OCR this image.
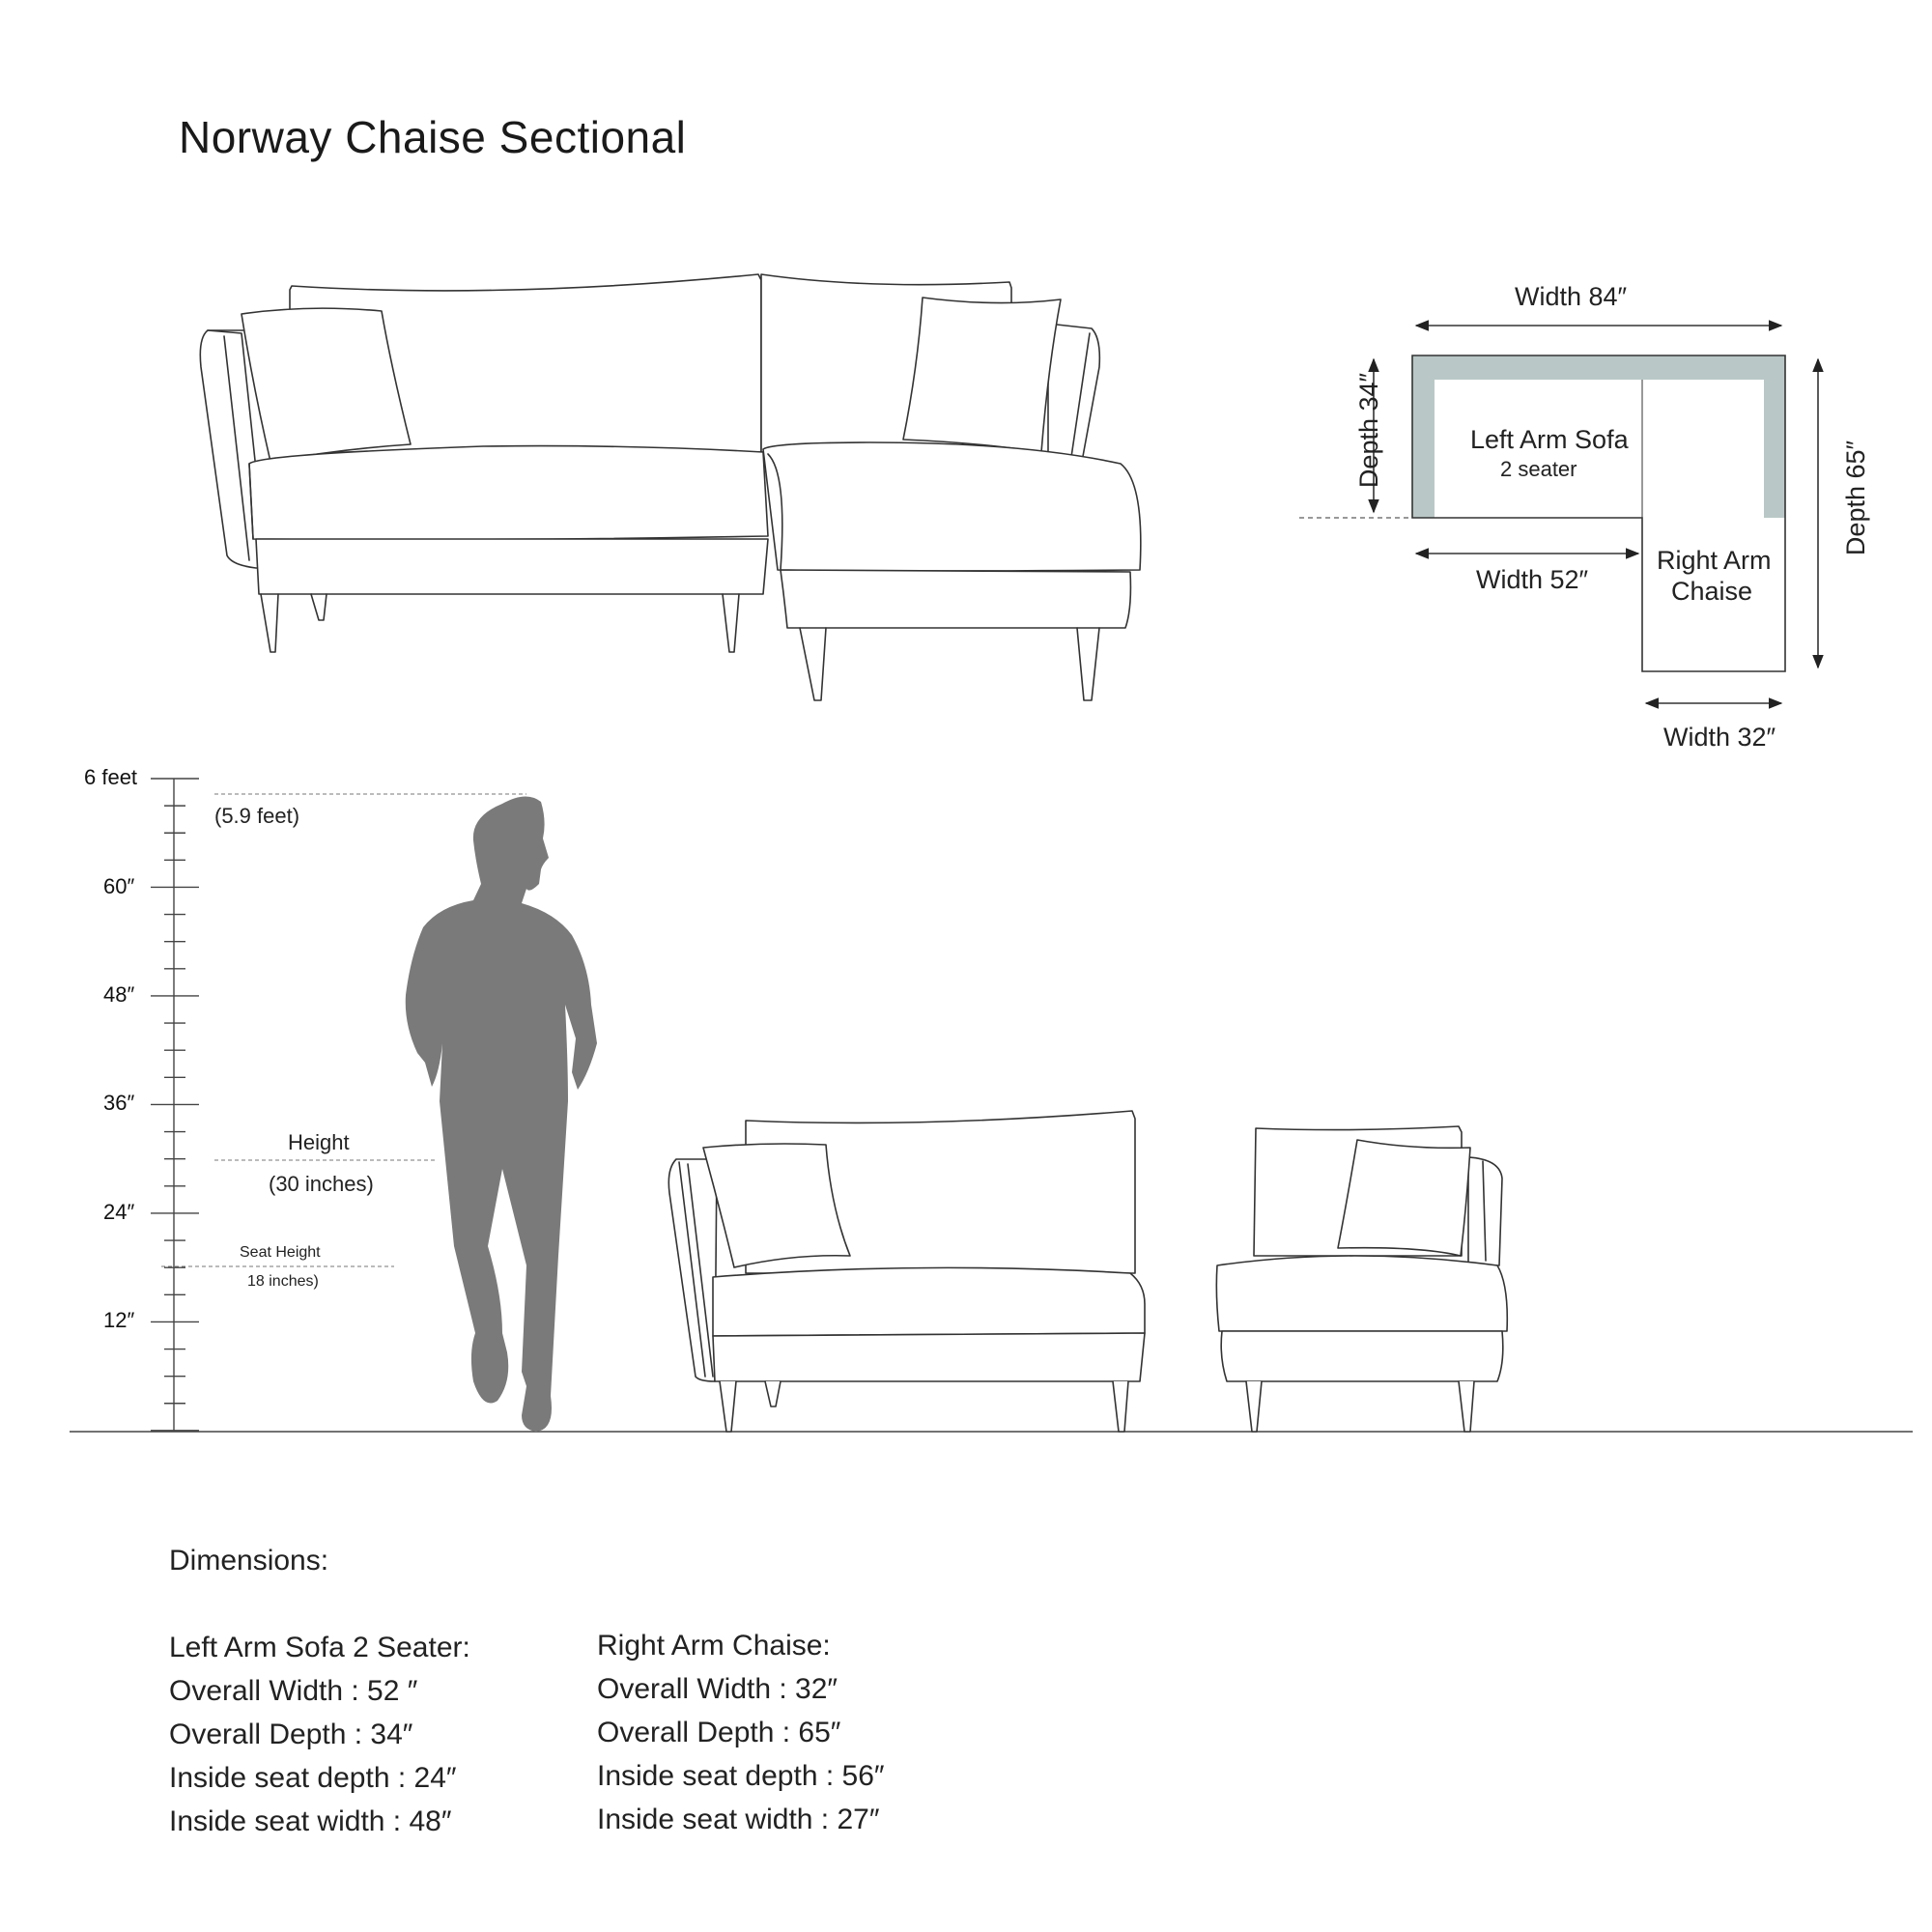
Norway Chaise Sectional
Width 84″
Depth 34″
Depth 65″
Left Arm Sofa
2 seater
Right Arm
Chaise
Width 52″
Width 32″
6 feet
60″
48″
36″
24″
12″
(5.9 feet)
Height
(30 inches)
Seat Height
18 inches)
Dimensions:
Left Arm Sofa 2 Seater:
Overall Width : 52 ″
Overall Depth : 34″
Inside seat depth : 24″
Inside seat width : 48″
Right Arm Chaise:
Overall Width : 32″
Overall Depth : 65″
Inside seat depth : 56″
Inside seat width : 27″
